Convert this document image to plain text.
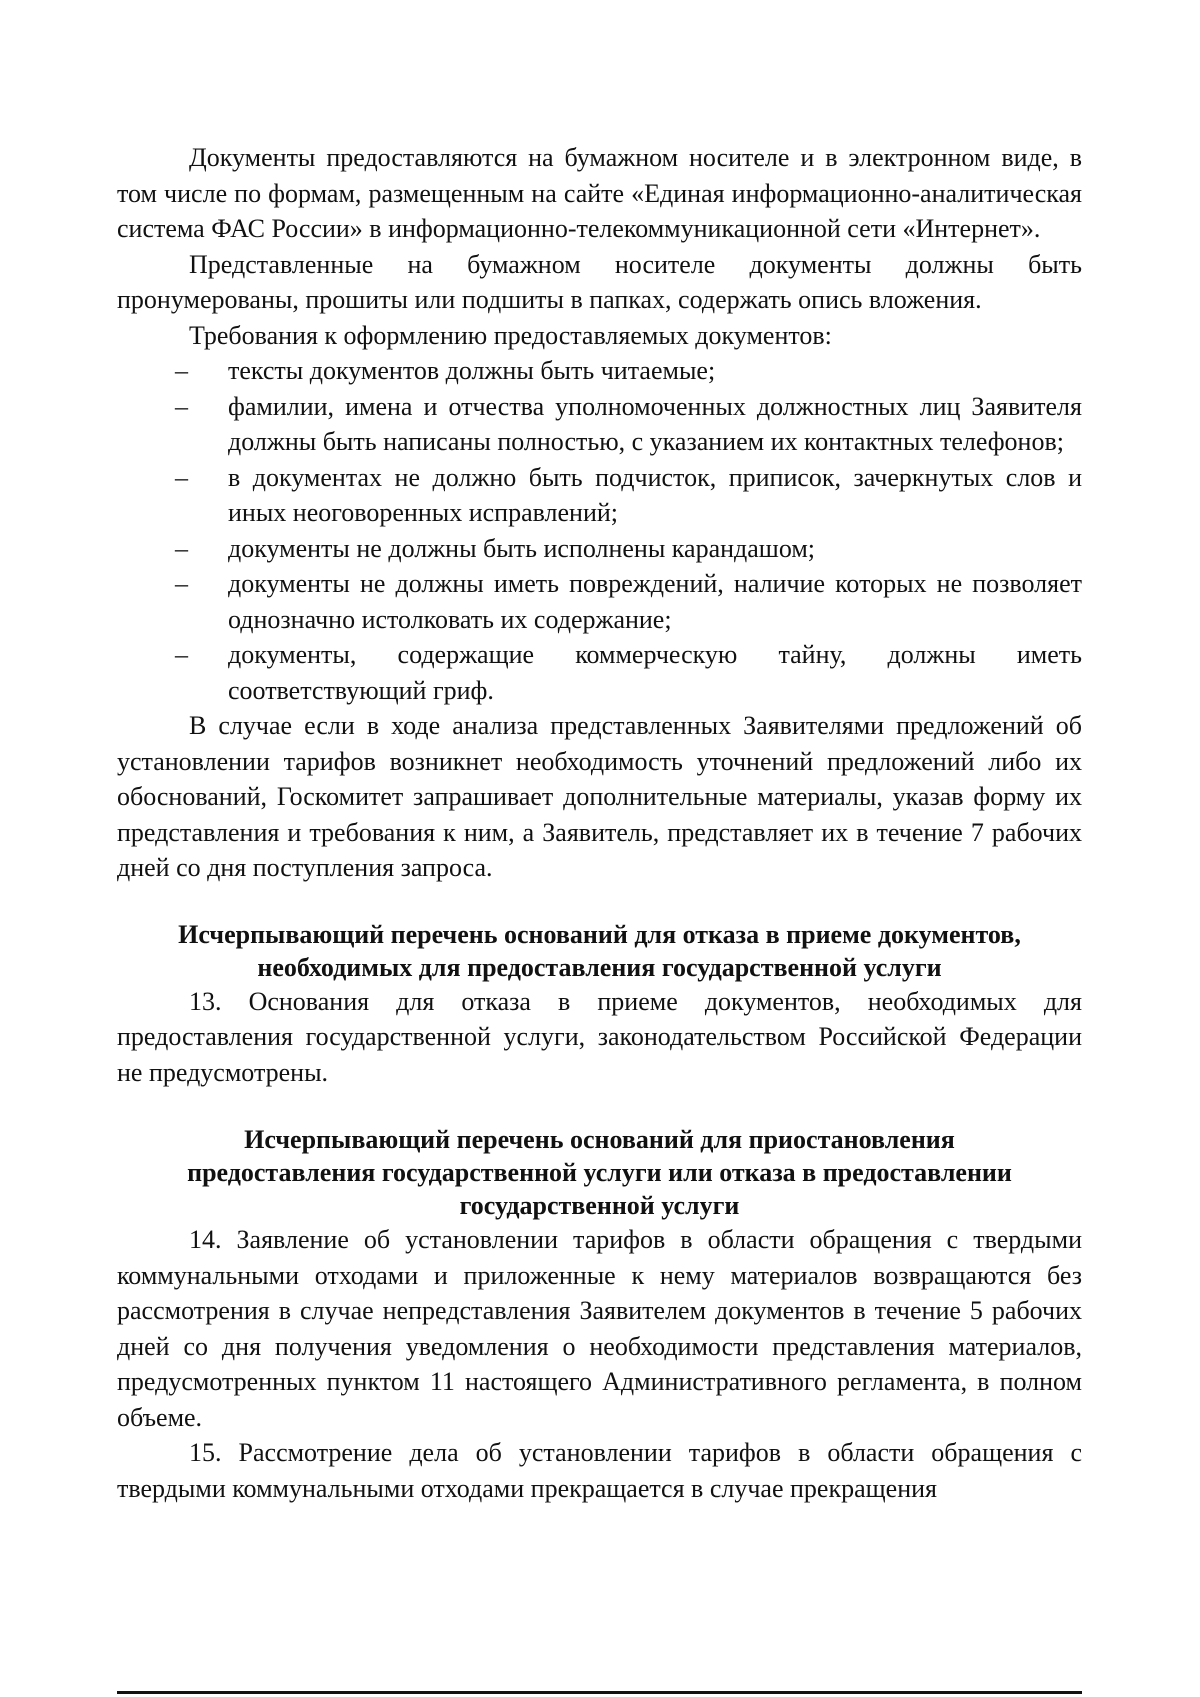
Документы предоставляются на бумажном носителе и в электронном виде, в том числе по формам, размещенным на сайте «Единая информационно-аналитическая система ФАС России» в информационно-телекоммуникационной сети «Интернет».

Представленные на бумажном носителе документы должны быть пронумерованы, прошиты или подшиты в папках, содержать опись вложения.

Требования к оформлению предоставляемых документов:

–	тексты документов должны быть читаемые;
–	фамилии, имена и отчества уполномоченных должностных лиц Заявителя должны быть написаны полностью, с указанием их контактных телефонов;
–	в документах не должно быть подчисток, приписок, зачеркнутых слов и иных неоговоренных исправлений;
–	документы не должны быть исполнены карандашом;
–	документы не должны иметь повреждений, наличие которых не позволяет однозначно истолковать их содержание;
–	документы, содержащие коммерческую тайну, должны иметь соответствующий гриф.

В случае если в ходе анализа представленных Заявителями предложений об установлении тарифов возникнет необходимость уточнений предложений либо их обоснований, Госкомитет запрашивает дополнительные материалы, указав форму их представления и требования к ним, а Заявитель, представляет их в течение 7 рабочих дней со дня поступления запроса.

Исчерпывающий перечень оснований для отказа в приеме документов,
необходимых для предоставления государственной услуги

13. Основания для отказа в приеме документов, необходимых для предоставления государственной услуги, законодательством Российской Федерации не предусмотрены.

Исчерпывающий перечень оснований для приостановления
предоставления государственной услуги или отказа в предоставлении
государственной услуги

14. Заявление об установлении тарифов в области обращения с твердыми коммунальными отходами и приложенные к нему материалов возвращаются без рассмотрения в случае непредставления Заявителем документов в течение 5 рабочих дней со дня получения уведомления о необходимости представления материалов, предусмотренных пунктом 11 настоящего Административного регламента, в полном объеме.

15. Рассмотрение дела об установлении тарифов в области обращения с твердыми коммунальными отходами прекращается в случае прекращения
